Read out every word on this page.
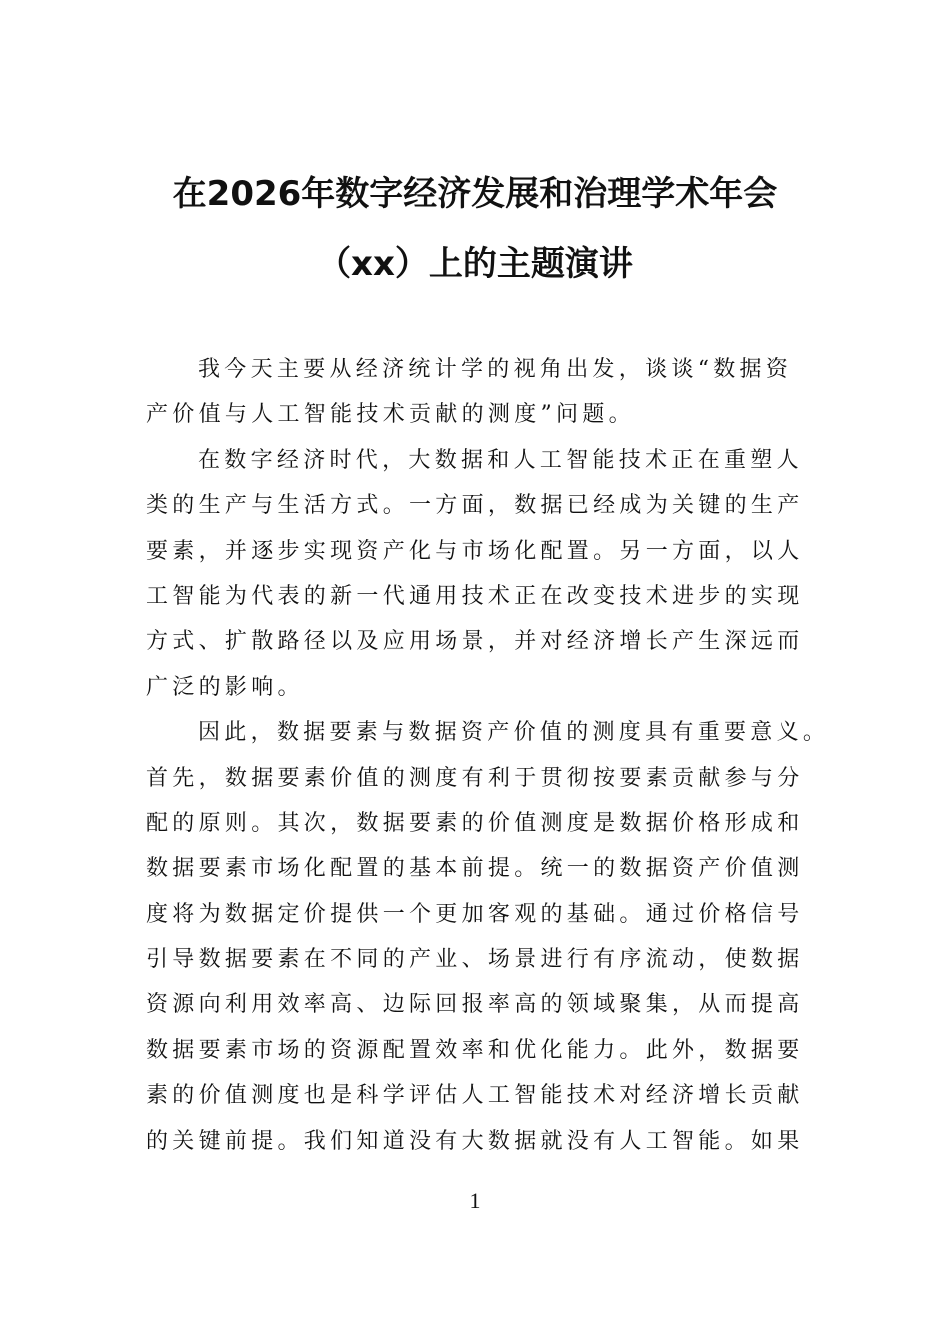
在2026年数字经济发展和治理学术年会
（xx）上的主题演讲
我今天主要从经济统计学的视角出发，谈谈“数据资
产价值与人工智能技术贡献的测度”问题。
在数字经济时代，大数据和人工智能技术正在重塑人
类的生产与生活方式。一方面，数据已经成为关键的生产
要素，并逐步实现资产化与市场化配置。另一方面，以人
工智能为代表的新一代通用技术正在改变技术进步的实现
方式、扩散路径以及应用场景，并对经济增长产生深远而
广泛的影响。
因此，数据要素与数据资产价值的测度具有重要意义。
首先，数据要素价值的测度有利于贯彻按要素贡献参与分
配的原则。其次，数据要素的价值测度是数据价格形成和
数据要素市场化配置的基本前提。统一的数据资产价值测
度将为数据定价提供一个更加客观的基础。通过价格信号
引导数据要素在不同的产业、场景进行有序流动，使数据
资源向利用效率高、边际回报率高的领域聚集，从而提高
数据要素市场的资源配置效率和优化能力。此外，数据要
素的价值测度也是科学评估人工智能技术对经济增长贡献
的关键前提。我们知道没有大数据就没有人工智能。如果
1
